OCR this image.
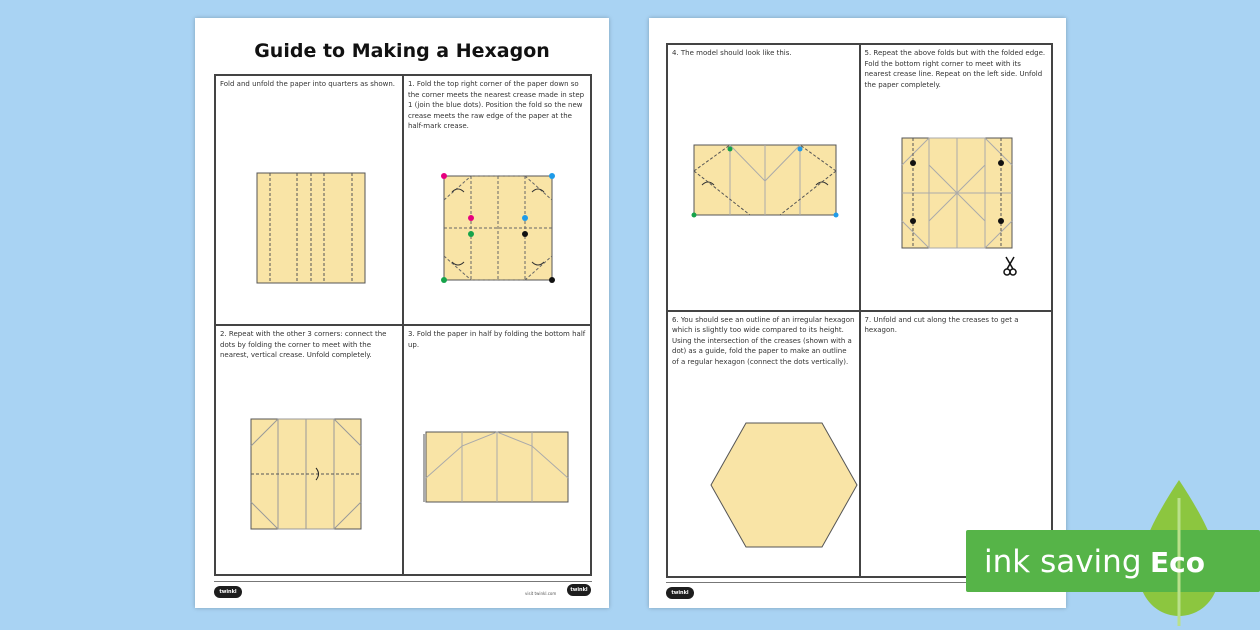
Guide to Making a Hexagon

Fold and unfold the paper into quarters as shown.	1. Fold the top right corner of the paper down so the corner meets the nearest crease made in step 1 (join the blue dots). Position the fold so the new crease meets the raw edge of the paper at the half-mark crease.

2. Repeat with the other 3 corners: connect the dots by folding the corner to meet with the nearest, vertical crease. Unfold completely.

3. Fold the paper in half by folding the bottom half up.

twinkl	visit twinkl.com
twinkl

4. The model should look like this.	5. Repeat the above folds but with the folded edge. Fold the bottom right corner to meet with its nearest crease line. Repeat on the left side. Unfold the paper completely.

6. You should see an outline of an irregular hexagon which is slightly too wide compared to its height. Using the intersection of the creases (shown with a dot) as a guide, fold the paper to make an outline of a regular hexagon (connect the dots vertically).

7. Unfold and cut along the creases to get a hexagon.

twinkl
ink saving Eco
